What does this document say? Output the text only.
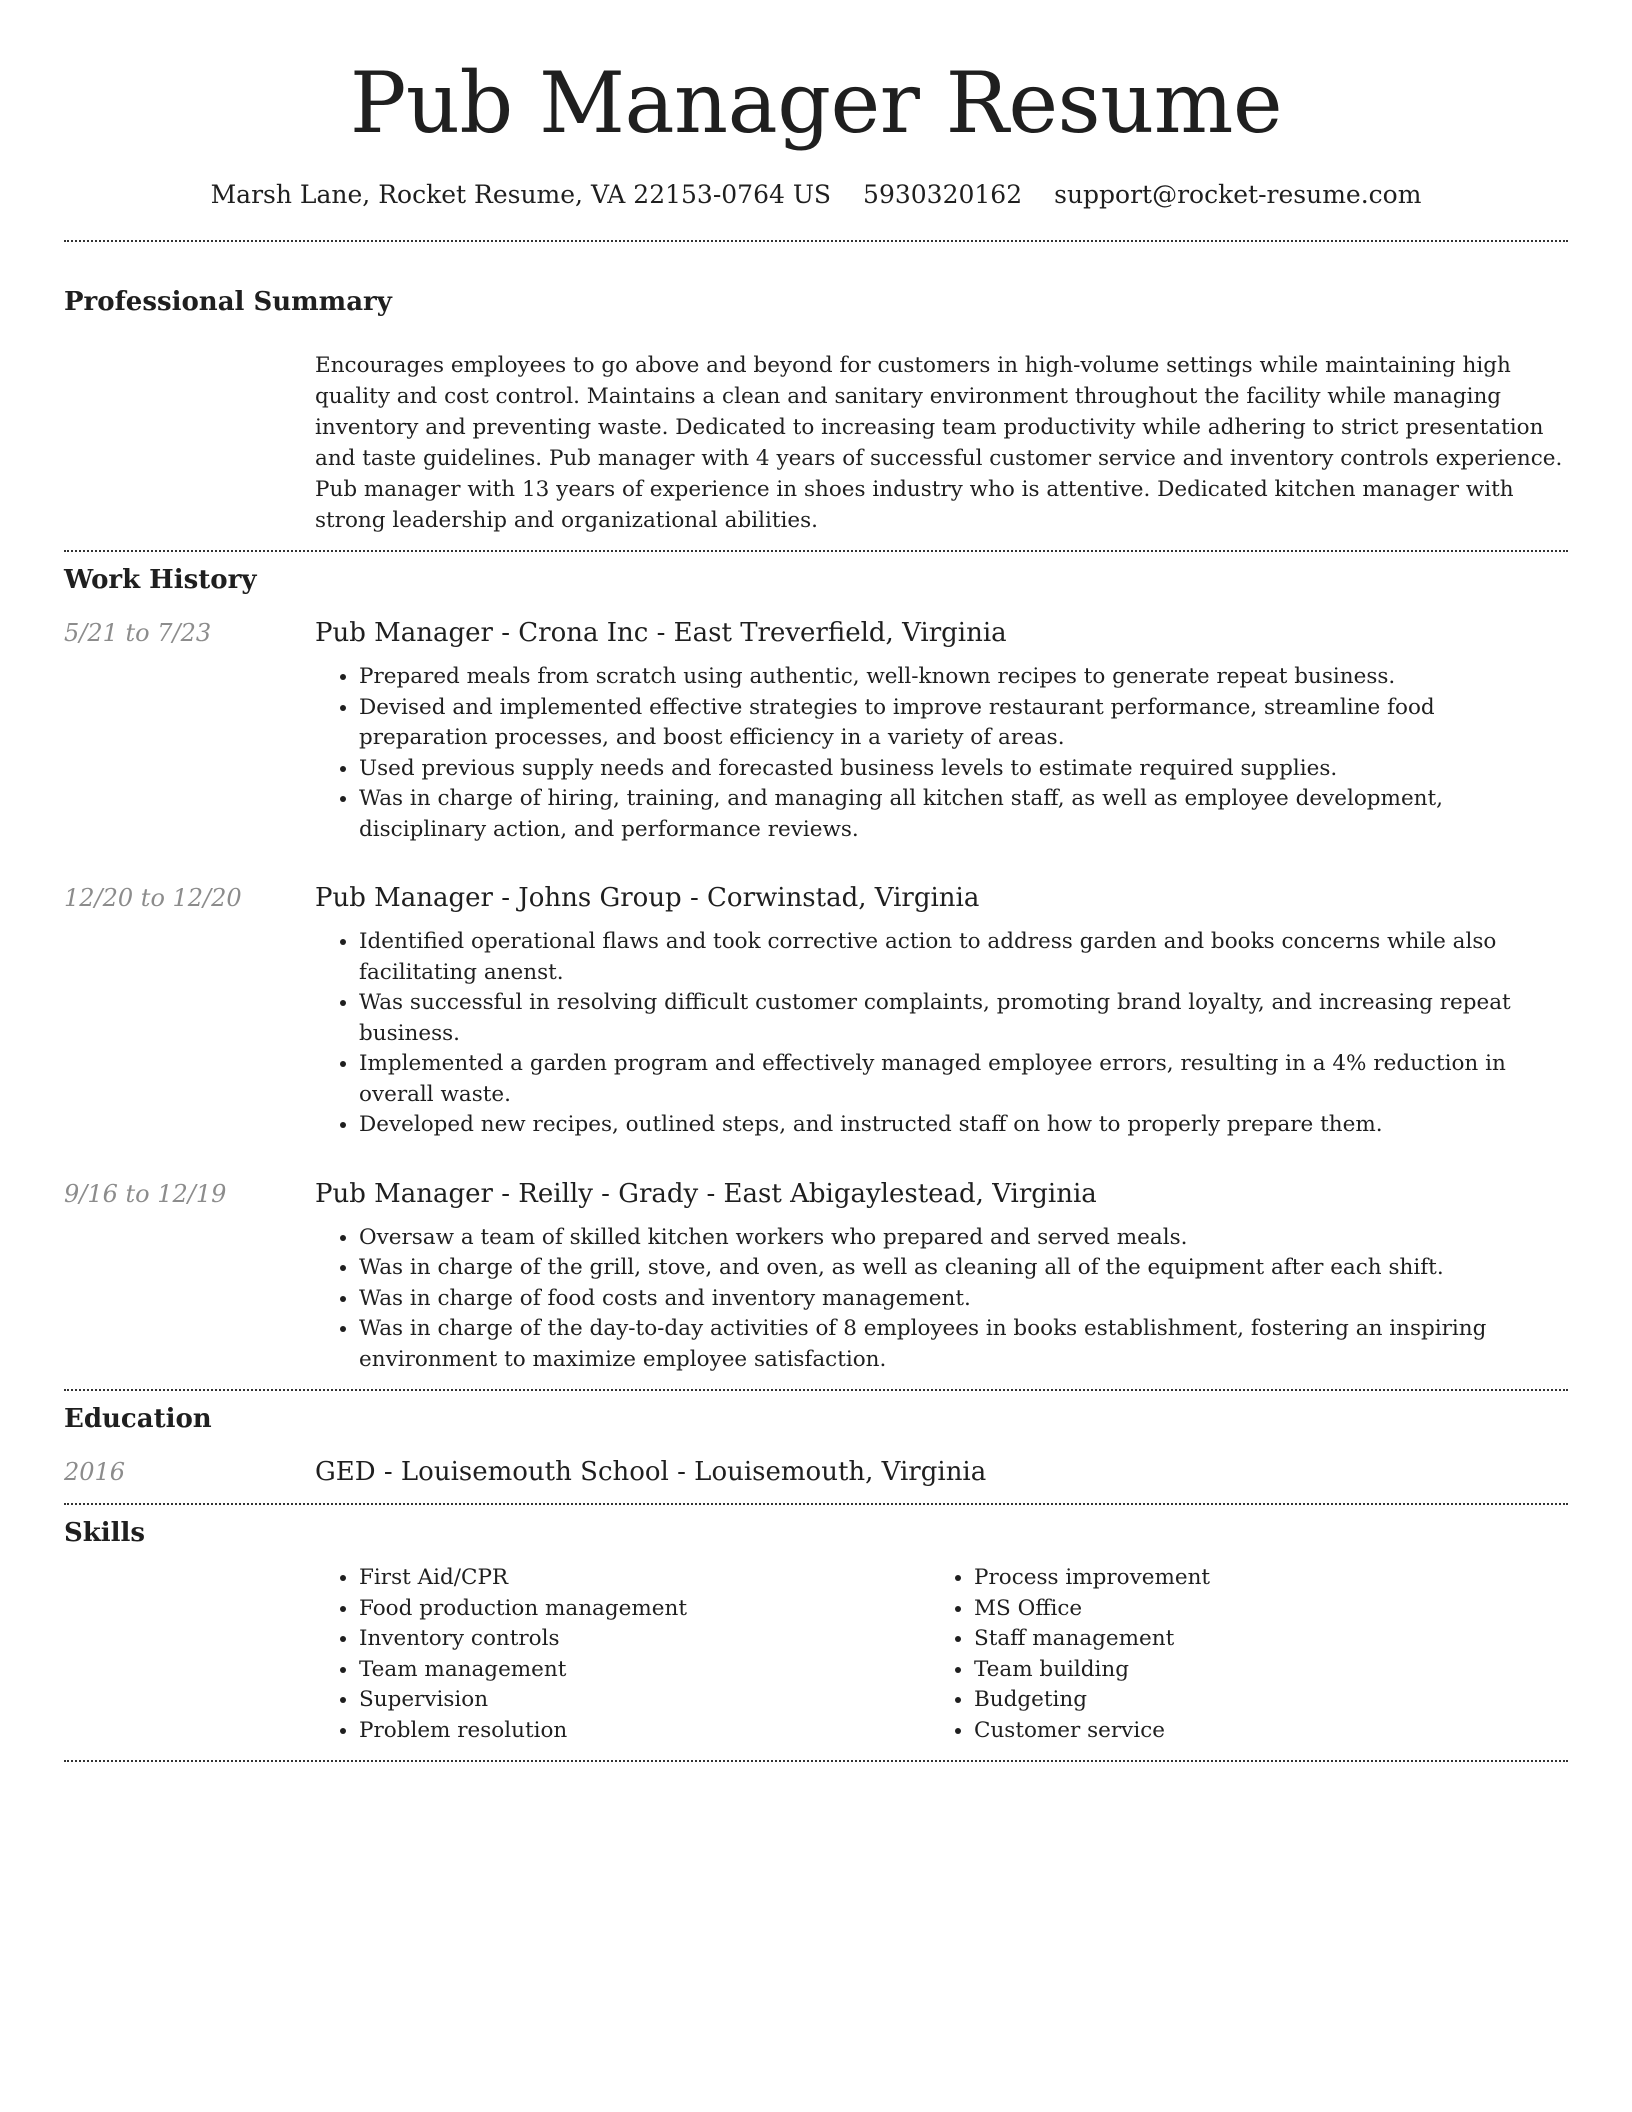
Pub Manager Resume
Marsh Lane, Rocket Resume, VA 22153-0764 US 5930320162 support@rocket-resume.com
Professional Summary
Encourages employees to go above and beyond for customers in high-volume settings while maintaining high quality and cost control. Maintains a clean and sanitary environment throughout the facility while managing inventory and preventing waste. Dedicated to increasing team productivity while adhering to strict presentation and taste guidelines. Pub manager with 4 years of successful customer service and inventory controls experience. Pub manager with 13 years of experience in shoes industry who is attentive. Dedicated kitchen manager with strong leadership and organizational abilities.
Work History
5/21 to 7/23	Pub Manager - Crona Inc - East Treverfield, Virginia
• Prepared meals from scratch using authentic, well-known recipes to generate repeat business.
• Devised and implemented effective strategies to improve restaurant performance, streamline food preparation processes, and boost efficiency in a variety of areas.
• Used previous supply needs and forecasted business levels to estimate required supplies.
• Was in charge of hiring, training, and managing all kitchen staff, as well as employee development, disciplinary action, and performance reviews.
12/20 to 12/20	Pub Manager - Johns Group - Corwinstad, Virginia
• Identified operational flaws and took corrective action to address garden and books concerns while also facilitating anenst.
• Was successful in resolving difficult customer complaints, promoting brand loyalty, and increasing repeat business.
• Implemented a garden program and effectively managed employee errors, resulting in a 4% reduction in overall waste.
• Developed new recipes, outlined steps, and instructed staff on how to properly prepare them.
9/16 to 12/19	Pub Manager - Reilly - Grady - East Abigaylestead, Virginia
• Oversaw a team of skilled kitchen workers who prepared and served meals.
• Was in charge of the grill, stove, and oven, as well as cleaning all of the equipment after each shift.
• Was in charge of food costs and inventory management.
• Was in charge of the day-to-day activities of 8 employees in books establishment, fostering an inspiring environment to maximize employee satisfaction.
Education
2016	GED - Louisemouth School - Louisemouth, Virginia
Skills
• First Aid/CPR
• Food production management
• Inventory controls
• Team management
• Supervision
• Problem resolution
• Process improvement
• MS Office
• Staff management
• Team building
• Budgeting
• Customer service
